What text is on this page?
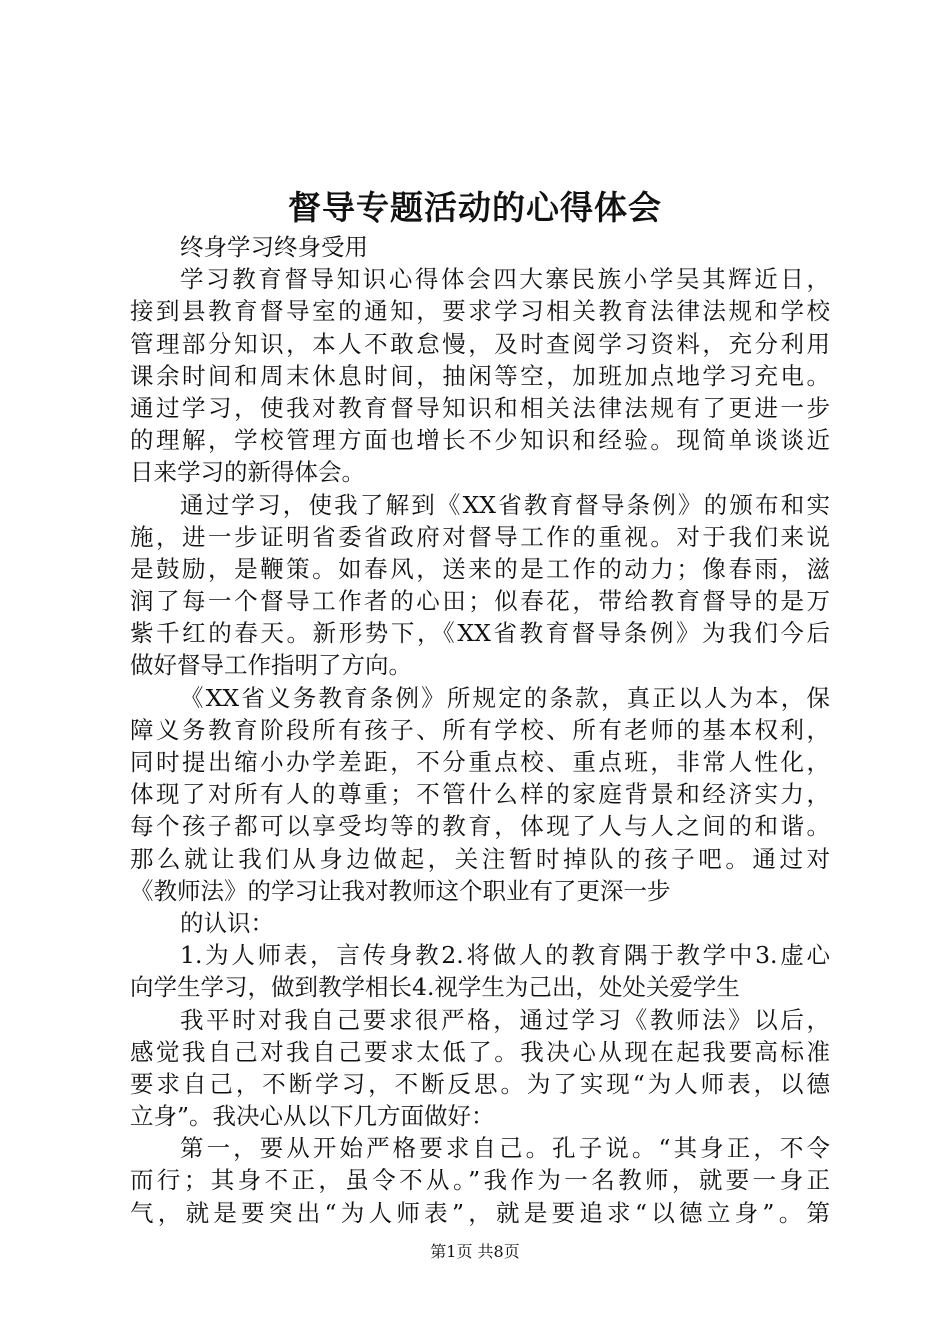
督导专题活动的心得体会
终身学习终身受用
学习教育督导知识心得体会四大寨民族小学吴其辉近日，
接到县教育督导室的通知，要求学习相关教育法律法规和学校
管理部分知识，本人不敢怠慢，及时查阅学习资料，充分利用
课余时间和周末休息时间，抽闲等空，加班加点地学习充电。
通过学习，使我对教育督导知识和相关法律法规有了更进一步
的理解，学校管理方面也增长不少知识和经验。现简单谈谈近
日来学习的新得体会。
通过学习，使我了解到《XX省教育督导条例》的颁布和实
施，进一步证明省委省政府对督导工作的重视。对于我们来说
是鼓励，是鞭策。如春风，送来的是工作的动力；像春雨，滋
润了每一个督导工作者的心田；似春花，带给教育督导的是万
紫千红的春天。新形势下，《XX省教育督导条例》为我们今后
做好督导工作指明了方向。
《XX省义务教育条例》所规定的条款，真正以人为本，保
障义务教育阶段所有孩子、所有学校、所有老师的基本权利，
同时提出缩小办学差距，不分重点校、重点班，非常人性化，
体现了对所有人的尊重；不管什么样的家庭背景和经济实力，
每个孩子都可以享受均等的教育，体现了人与人之间的和谐。
那么就让我们从身边做起，关注暂时掉队的孩子吧。通过对
《教师法》的学习让我对教师这个职业有了更深一步
的认识：
1.为人师表，言传身教2.将做人的教育隅于教学中3.虚心
向学生学习，做到教学相长4.视学生为己出，处处关爱学生
我平时对我自己要求很严格，通过学习《教师法》以后，
感觉我自己对我自己要求太低了。我决心从现在起我要高标准
要求自己，不断学习，不断反思。为了实现“为人师表，以德
立身”。我决心从以下几方面做好：
第一，要从开始严格要求自己。孔子说。“其身正，不令
而行；其身不正，虽令不从。”我作为一名教师，就要一身正
气，就是要突出“为人师表”，就是要追求“以德立身”。第
第1页 共8页
